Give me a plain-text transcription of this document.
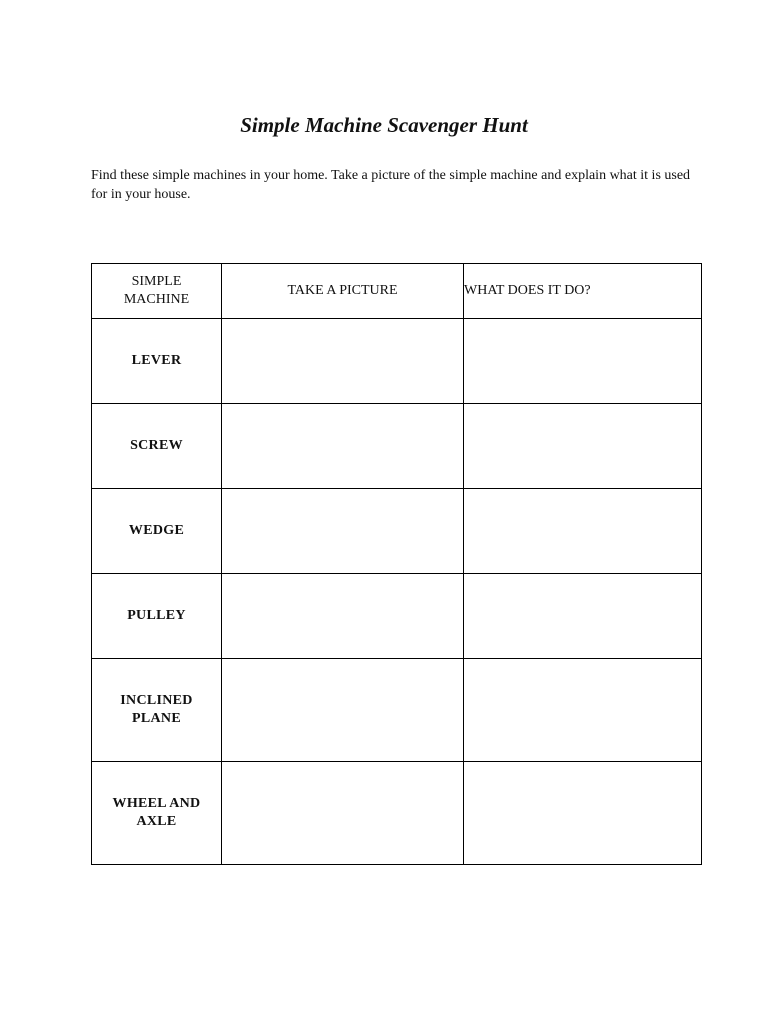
Simple Machine Scavenger Hunt
Find these simple machines in your home. Take a picture of the simple machine and explain what it is used for in your house.
SIMPLE MACHINE	TAKE A PICTURE	WHAT DOES IT DO?
LEVER		
SCREW		
WEDGE		
PULLEY		
INCLINED PLANE		
WHEEL AND AXLE		
